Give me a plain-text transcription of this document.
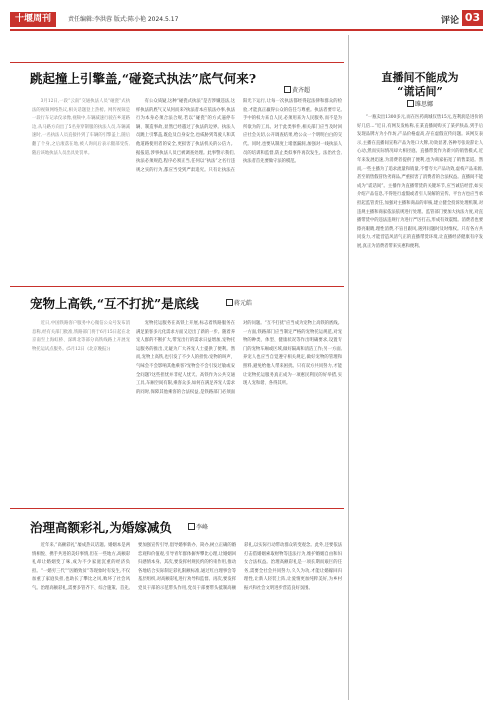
十堰周刊	责任编辑:李洪蓉 版式:陈小艳 2024.5.17	评论 03
跳起撞上引擎盖,“碰瓷式执法”底气何来?
黄齐超

3月12日,一段“云南”交通执法人员“碰瓷”式执法的视频网络热议,相关话题登上热榜。网传视频是一段行车记录仪录像,视频中,车辆减速行驶在乡道路边,从马路方向出了5名身穿制服的执法人员,车辆减速时,一名执法人员直接扑到了车辆的引擎盖上,随后翻了个身,之后滚落在地,被人询问后表示腿部受伤,随后该地执法人员出具处罚单。

有公众质疑,这种“碰瓷式执法”是否涉嫌违法,这样执法的底气又从何而来?执法者本应依法办事,执法行为本身必须合法合规,若以“碰瓷”的方式逼停车辆、制造事故,显然已经越过了执法的边界。执法人员跳上引擎盖,既危及自身安全,也威胁到驾驶人和其他道路使用者的安全,更损害了执法机关的公信力。据报道,涉事执法人员已被调查处理。此事警示我们,执法必须规范,程序必须正当,任何以“执法”之名行违规之实的行为,都应当受到严肃追究。只有让执法在阳光下运行,让每一次执法都经得起法律和群众的检验,才能真正赢得公众的信任与尊重。执法者要牢记,手中的权力来自人民,必须用来为人民服务,而不是为所欲为的工具。对于此类事件,相关部门应当及时回应社会关切,公开调查结果,给公众一个明明白白的交代。同时,也要从制度上堵塞漏洞,加强对一线执法人员的培训和监督,防止类似事件再次发生。法治社会,执法者首先要做守法的模范。

宠物上高铁,“互不打扰”是底线	蒋元皓

近日,中国铁路客户服务中心微信公众号发布消息称,经有关部门批准,铁路部门将于6月15日起在北京南至上海虹桥、深圳北等部分高铁线路上开展宠物托运试点服务。(5月12日《北京晚报》)

宠物托运服务在高铁上开展,标志着铁路服务在满足旅客多元化需求方面又迈出了新的一步。随着养宠人群的不断扩大,带宠出行的需求日益增加,宠物托运服务的推出,无疑为广大养宠人士提供了便利。然而,宠物上高铁,也引发了不少人的担忧:宠物的叫声、气味会不会影响其他乘客?宠物会不会引发过敏或安全问题?这些担忧并非杞人忧天。高铁作为公共交通工具,车厢空间有限,乘客众多,如何在满足养宠人需求的同时,保障其他乘客的合法权益,是铁路部门必须面对的问题。“互不打扰”应当成为宠物上高铁的底线。一方面,铁路部门应当制定严格的宠物托运规范,对宠物的种类、体型、健康状况等作出明确要求,设置专门的宠物车厢或区域,做好隔离和清洁工作;另一方面,养宠人也应当自觉遵守相关规定,做好宠物的管理和照料,避免给他人带来困扰。只有双方共同努力,才能让宠物托运服务真正成为一项惠民利民的好举措,实现人宠和谐、各得其所。

治理高额彩礼,为婚嫁减负	李峰

近年来,“高额彩礼”屡成热议话题。婚姻本是两情相悦、携手共进的美好事情,但在一些地方,高额彩礼却让婚姻变了味,成为不少家庭沉重的经济负担。“一婚穷三代”“因婚致贫”等现象时有发生,不仅加重了家庭负担,也助长了攀比之风,败坏了社会风气。治理高额彩礼,需要多管齐下、综合施策。首先,要加强宣传引导,倡导婚事新办、简办,树立正确的婚恋观和价值观,引导青年群体摒弃攀比心理,让婚姻回归感情本身。其次,要发挥村规民约的约束作用,推动各地结合实际制定彩礼限额标准,通过红白理事会等基层组织,对高额彩礼进行劝导和监督。再次,要发挥党员干部的示范带头作用,党员干部要带头抵制高额彩礼,以实际行动带动群众转变观念。此外,还要依法打击借婚姻索取财物等违法行为,维护婚姻自由和妇女合法权益。治理高额彩礼是一项长期而艰巨的任务,需要全社会共同努力,久久为功,才能让婚嫁回归理性,让新人轻装上阵,让爱情更加纯粹美好,为乡村振兴和社会文明进步营造良好氛围。

直播间不能成为
“谎话间”
雎思娜

“一瓶卖出1300多元,而在医药商城仅售15元,连利润是进价的好几倍…”近日,有网友发帖称,在某直播间购买了某护肤品,到手后发现品牌方为小作坊,产品价格虚高,存在虚假宣传问题。该网友表示,主播在直播间宣称产品为进口大牌,功效显著,各种夸张说辞让人心动,然而实际情况却大相径庭。直播带货作为新兴的销售模式,近年来发展迅速,为消费者提供了便利,也为商家拓宽了销售渠道。然而,一些主播为了追求流量和销量,不惜夸大产品功效,虚构产品来源,甚至销售假冒伪劣商品,严重损害了消费者的合法权益。直播间不能成为“谎话间”。主播作为直播带货的关键环节,应当诚信经营,如实介绍产品信息,不得进行虚假或者引人误解的宣传。平台方也应当承担起监管责任,加强对主播和商品的审核,建立健全投诉处理机制,对违规主播和商家依法依规进行处理。监管部门要加大执法力度,对直播带货中的违法违规行为进行严厉打击,形成有效震慑。消费者也要擦亮眼睛,理性消费,不盲目跟风,遇到问题时及时维权。只有各方共同发力,才能营造风清气正的直播带货环境,让直播经济健康有序发展,真正为消费者带来实惠和便利。
